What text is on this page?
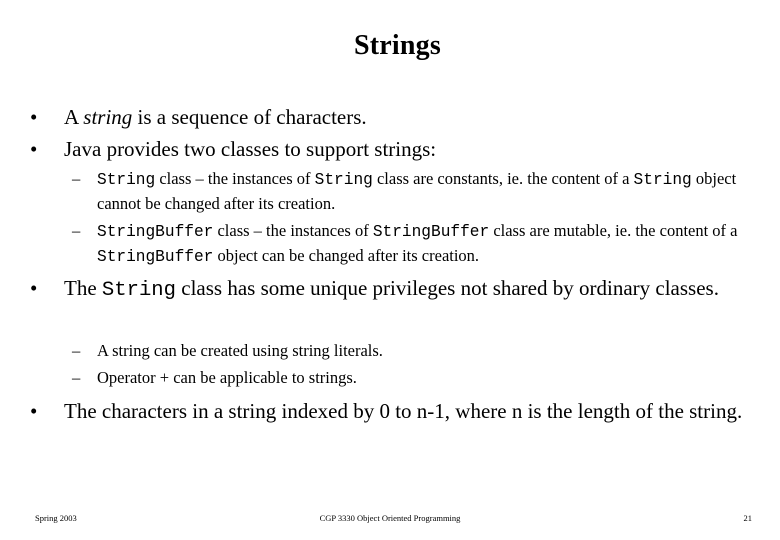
Strings
• A string is a sequence of characters.
• Java provides two classes to support strings:
– String class – the instances of String class are constants, ie. the content of a String object cannot be changed after its creation.
– StringBuffer class – the instances of StringBuffer class are mutable, ie. the content of a StringBuffer object can be changed after its creation.
• The String class has some unique privileges not shared by ordinary classes.
– A string can be created using string literals.
– Operator + can be applicable to strings.
• The characters in a string indexed by 0 to n-1, where n is the length of the string.
Spring 2003	CGP 3330 Object Oriented Programming	21
